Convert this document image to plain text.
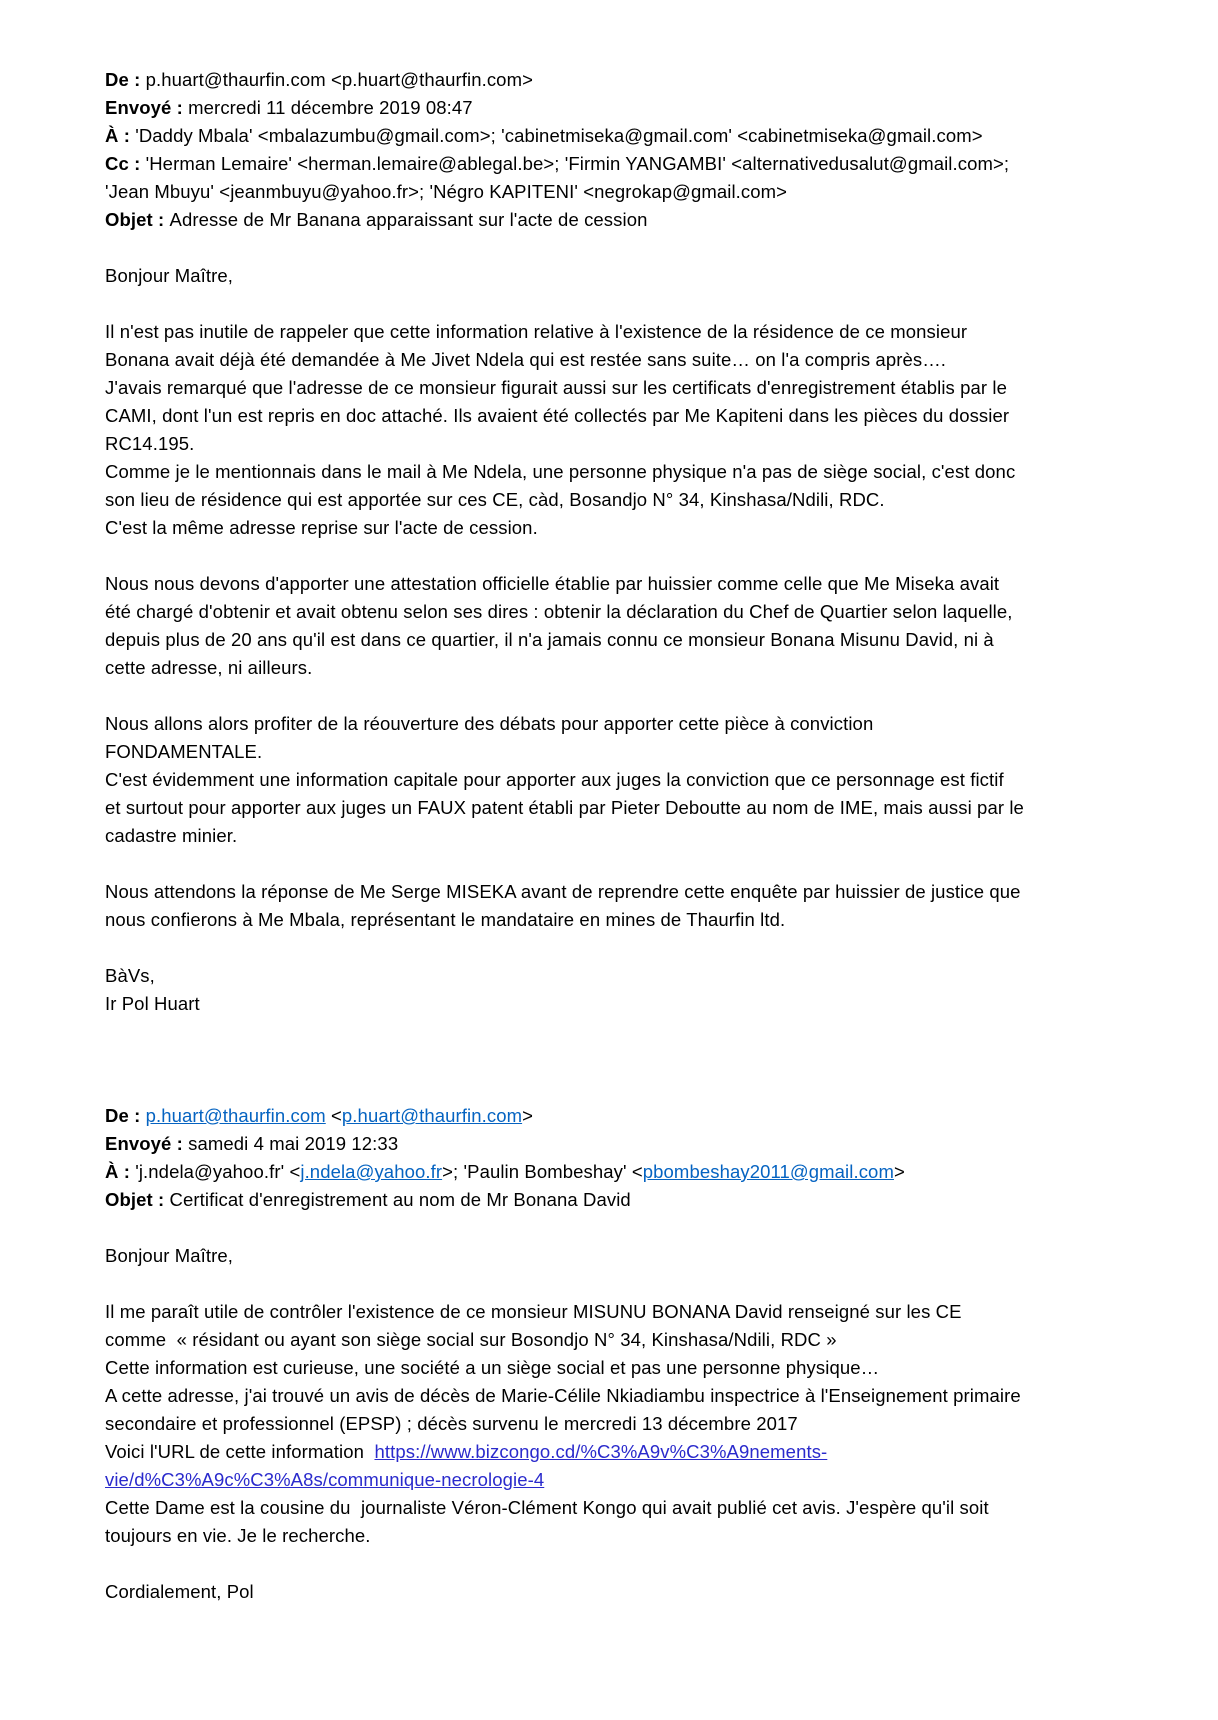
De : p.huart@thaurfin.com <p.huart@thaurfin.com>
Envoyé : mercredi 11 décembre 2019 08:47
À : 'Daddy Mbala' <mbalazumbu@gmail.com>; 'cabinetmiseka@gmail.com' <cabinetmiseka@gmail.com>
Cc : 'Herman Lemaire' <herman.lemaire@ablegal.be>; 'Firmin YANGAMBI' <alternativedusalut@gmail.com>;
'Jean Mbuyu' <jeanmbuyu@yahoo.fr>; 'Négro KAPITENI' <negrokap@gmail.com>
Objet : Adresse de Mr Banana apparaissant sur l'acte de cession

Bonjour Maître,

Il n'est pas inutile de rappeler que cette information relative à l'existence de la résidence de ce monsieur
Bonana avait déjà été demandée à Me Jivet Ndela qui est restée sans suite… on l'a compris après….
J'avais remarqué que l'adresse de ce monsieur figurait aussi sur les certificats d'enregistrement établis par le
CAMI, dont l'un est repris en doc attaché. Ils avaient été collectés par Me Kapiteni dans les pièces du dossier
RC14.195.
Comme je le mentionnais dans le mail à Me Ndela, une personne physique n'a pas de siège social, c'est donc
son lieu de résidence qui est apportée sur ces CE, càd, Bosandjo N° 34, Kinshasa/Ndili, RDC.
C'est la même adresse reprise sur l'acte de cession.

Nous nous devons d'apporter une attestation officielle établie par huissier comme celle que Me Miseka avait
été chargé d'obtenir et avait obtenu selon ses dires : obtenir la déclaration du Chef de Quartier selon laquelle,
depuis plus de 20 ans qu'il est dans ce quartier, il n'a jamais connu ce monsieur Bonana Misunu David, ni à
cette adresse, ni ailleurs.

Nous allons alors profiter de la réouverture des débats pour apporter cette pièce à conviction
FONDAMENTALE.
C'est évidemment une information capitale pour apporter aux juges la conviction que ce personnage est fictif
et surtout pour apporter aux juges un FAUX patent établi par Pieter Deboutte au nom de IME, mais aussi par le
cadastre minier.

Nous attendons la réponse de Me Serge MISEKA avant de reprendre cette enquête par huissier de justice que
nous confierons à Me Mbala, représentant le mandataire en mines de Thaurfin ltd.

BàVs,
Ir Pol Huart

De : p.huart@thaurfin.com <p.huart@thaurfin.com>
Envoyé : samedi 4 mai 2019 12:33
À : 'j.ndela@yahoo.fr' <j.ndela@yahoo.fr>; 'Paulin Bombeshay' <pbombeshay2011@gmail.com>
Objet : Certificat d'enregistrement au nom de Mr Bonana David

Bonjour Maître,

Il me paraît utile de contrôler l'existence de ce monsieur MISUNU BONANA David renseigné sur les CE
comme  « résidant ou ayant son siège social sur Bosondjo N° 34, Kinshasa/Ndili, RDC »
Cette information est curieuse, une société a un siège social et pas une personne physique…
A cette adresse, j'ai trouvé un avis de décès de Marie-Célile Nkiadiambu inspectrice à l'Enseignement primaire
secondaire et professionnel (EPSP) ; décès survenu le mercredi 13 décembre 2017
Voici l'URL de cette information  https://www.bizcongo.cd/%C3%A9v%C3%A9nements-
vie/d%C3%A9c%C3%A8s/communique-necrologie-4
Cette Dame est la cousine du  journaliste Véron-Clément Kongo qui avait publié cet avis. J'espère qu'il soit
toujours en vie. Je le recherche.

Cordialement, Pol
